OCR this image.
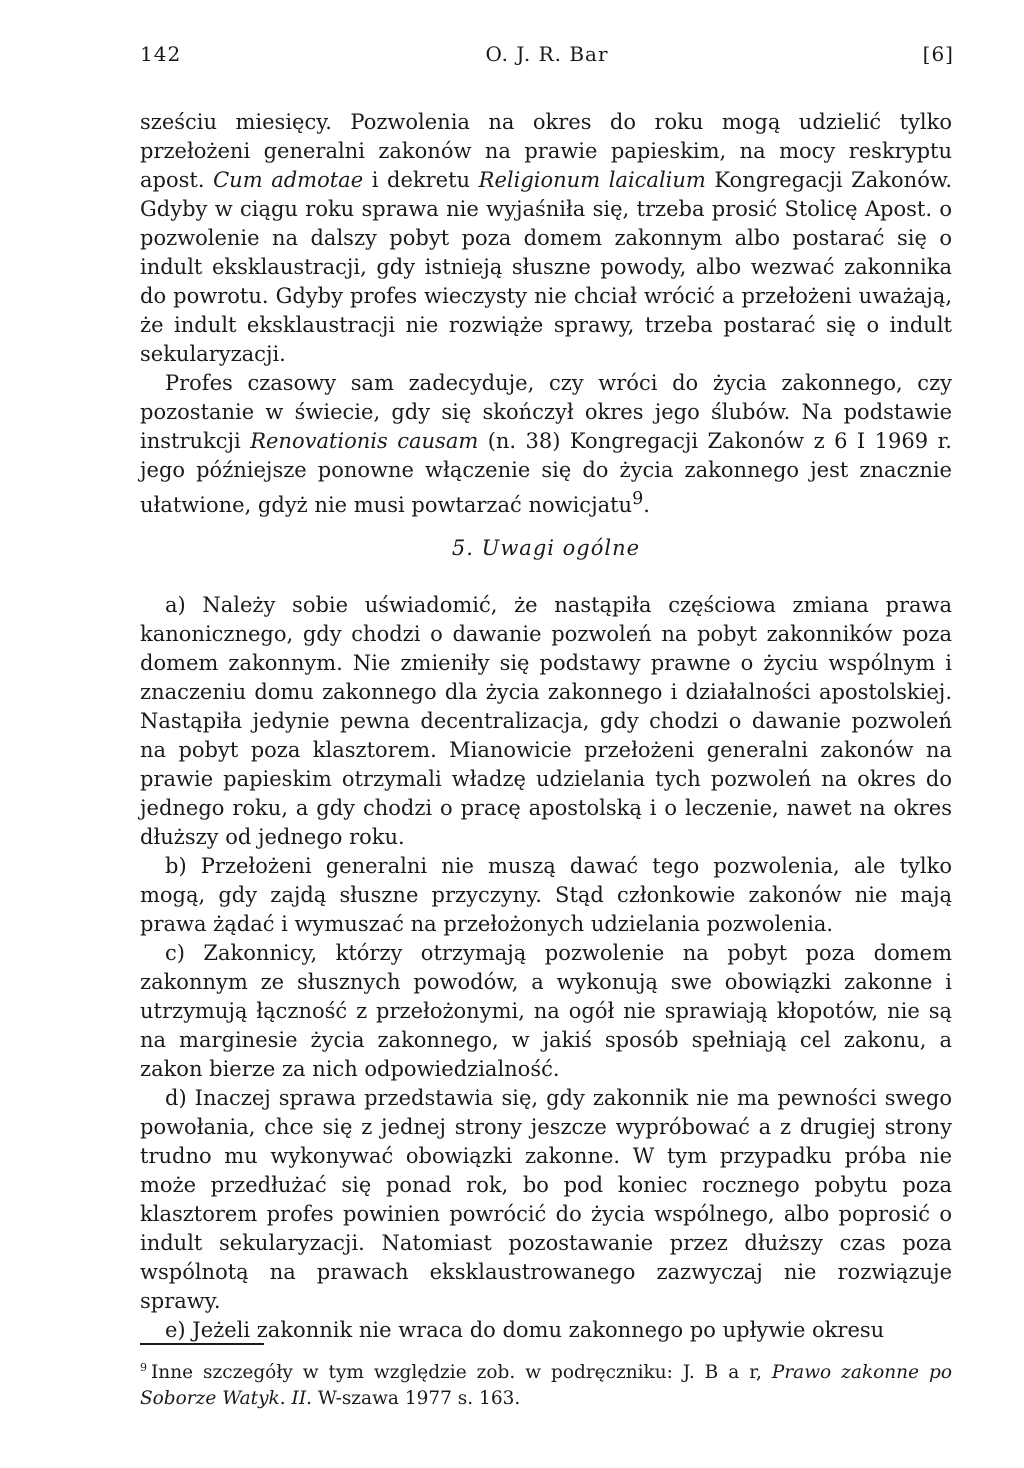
142	O. J. R. Bar	[6]

sześciu miesięcy. Pozwolenia na okres do roku mogą udzielić tylko przełożeni generalni zakonów na prawie papieskim, na mocy reskryptu apost. Cum admotae i dekretu Religionum laicalium Kongregacji Zakonów. Gdyby w ciągu roku sprawa nie wyjaśniła się, trzeba prosić Stolicę Apost. o pozwolenie na dalszy pobyt poza domem zakonnym albo postarać się o indult eksklaustracji, gdy istnieją słuszne powody, albo wezwać zakonnika do powrotu. Gdyby profes wieczysty nie chciał wrócić a przełożeni uważają, że indult eksklaustracji nie rozwiąże sprawy, trzeba postarać się o indult sekularyzacji.

Profes czasowy sam zadecyduje, czy wróci do życia zakonnego, czy pozostanie w świecie, gdy się skończył okres jego ślubów. Na podstawie instrukcji Renovationis causam (n. 38) Kongregacji Zakonów z 6 I 1969 r. jego późniejsze ponowne włączenie się do życia zakonnego jest znacznie ułatwione, gdyż nie musi powtarzać nowicjatu$^9$.

5. Uwagi ogólne

a) Należy sobie uświadomić, że nastąpiła częściowa zmiana prawa kanonicznego, gdy chodzi o dawanie pozwoleń na pobyt zakonników poza domem zakonnym. Nie zmieniły się podstawy prawne o życiu wspólnym i znaczeniu domu zakonnego dla życia zakonnego i działalności apostolskiej. Nastąpiła jedynie pewna decentralizacja, gdy chodzi o dawanie pozwoleń na pobyt poza klasztorem. Mianowicie przełożeni generalni zakonów na prawie papieskim otrzymali władzę udzielania tych pozwoleń na okres do jednego roku, a gdy chodzi o pracę apostolską i o leczenie, nawet na okres dłuższy od jednego roku.

b) Przełożeni generalni nie muszą dawać tego pozwolenia, ale tylko mogą, gdy zajdą słuszne przyczyny. Stąd członkowie zakonów nie mają prawa żądać i wymuszać na przełożonych udzielania pozwolenia.

c) Zakonnicy, którzy otrzymają pozwolenie na pobyt poza domem zakonnym ze słusznych powodów, a wykonują swe obowiązki zakonne i utrzymują łączność z przełożonymi, na ogół nie sprawiają kłopotów, nie są na marginesie życia zakonnego, w jakiś sposób spełniają cel zakonu, a zakon bierze za nich odpowiedzialność.

d) Inaczej sprawa przedstawia się, gdy zakonnik nie ma pewności swego powołania, chce się z jednej strony jeszcze wypróbować a z drugiej strony trudno mu wykonywać obowiązki zakonne. W tym przypadku próba nie może przedłużać się ponad rok, bo pod koniec rocznego pobytu poza klasztorem profes powinien powrócić do życia wspólnego, albo poprosić o indult sekularyzacji. Natomiast pozostawanie przez dłuższy czas poza wspólnotą na prawach eksklaustrowanego zazwyczaj nie rozwiązuje sprawy.

e) Jeżeli zakonnik nie wraca do domu zakonnego po upływie okresu

$^9$ Inne szczegóły w tym względzie zob. w podręczniku: J. B a r, Prawo zakonne po Soborze Watyk. II. W-szawa 1977 s. 163.
